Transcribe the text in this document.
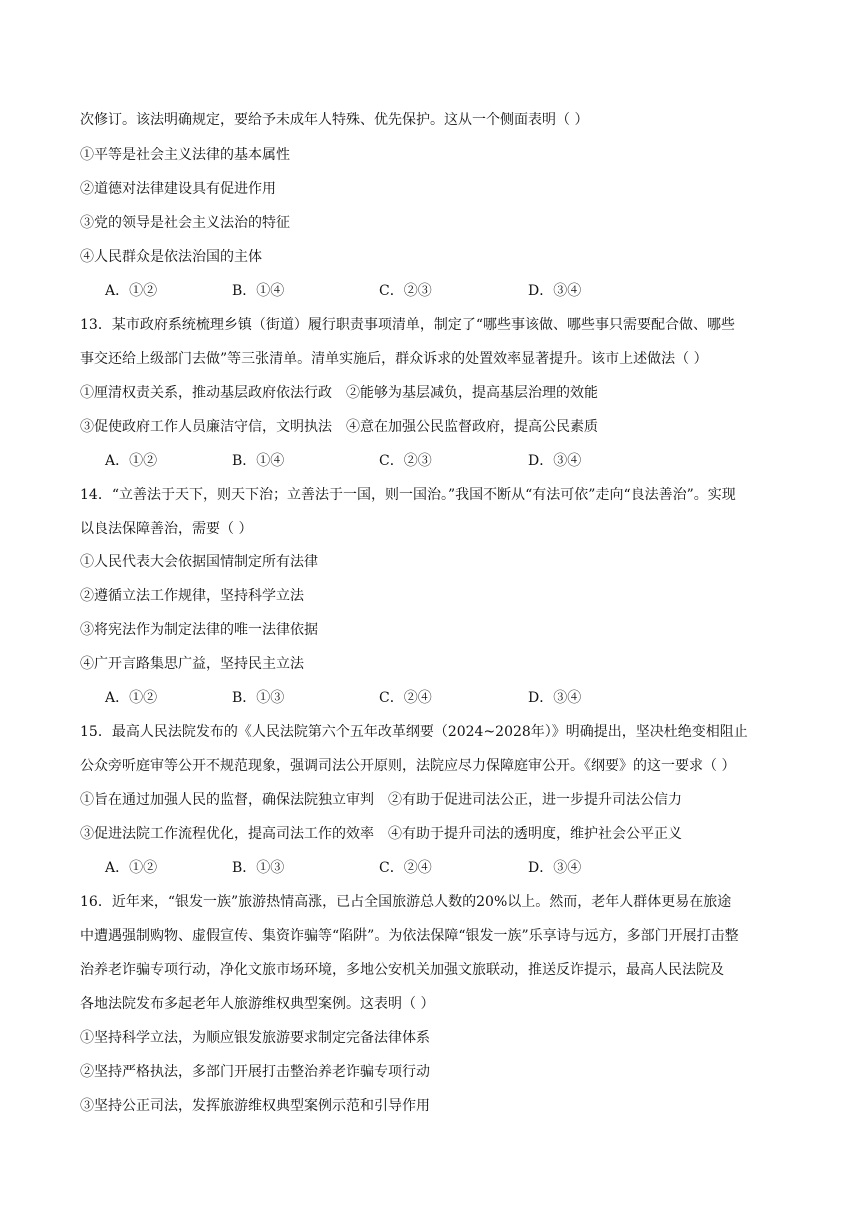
次修订。该法明确规定，要给予未成年人特殊、优先保护。这从一个侧面表明（ ）
①平等是社会主义法律的基本属性
②道德对法律建设具有促进作用
③党的领导是社会主义法治的特征
④人民群众是依法治国的主体
A．①②	B．①④	C．②③	D．③④
13．某市政府系统梳理乡镇（街道）履行职责事项清单，制定了“哪些事该做、哪些事只需要配合做、哪些
事交还给上级部门去做”等三张清单。清单实施后，群众诉求的处置效率显著提升。该市上述做法（ ）
①厘清权责关系，推动基层政府依法行政　②能够为基层减负，提高基层治理的效能
③促使政府工作人员廉洁守信，文明执法　④意在加强公民监督政府，提高公民素质
A．①②	B．①④	C．②③	D．③④
14．“立善法于天下，则天下治；立善法于一国，则一国治。”我国不断从“有法可依”走向“良法善治”。实现
以良法保障善治，需要（ ）
①人民代表大会依据国情制定所有法律
②遵循立法工作规律，坚持科学立法
③将宪法作为制定法律的唯一法律依据
④广开言路集思广益，坚持民主立法
A．①②	B．①③	C．②④	D．③④
15．最高人民法院发布的《人民法院第六个五年改革纲要（2024~2028年）》明确提出，坚决杜绝变相阻止
公众旁听庭审等公开不规范现象，强调司法公开原则，法院应尽力保障庭审公开。《纲要》的这一要求（ ）
①旨在通过加强人民的监督，确保法院独立审判　②有助于促进司法公正，进一步提升司法公信力
③促进法院工作流程优化，提高司法工作的效率　④有助于提升司法的透明度，维护社会公平正义
A．①②	B．①③	C．②④	D．③④
16．近年来，“银发一族”旅游热情高涨，已占全国旅游总人数的20%以上。然而，老年人群体更易在旅途
中遭遇强制购物、虚假宣传、集资诈骗等“陷阱”。为依法保障“银发一族”乐享诗与远方，多部门开展打击整
治养老诈骗专项行动，净化文旅市场环境，多地公安机关加强文旅联动，推送反诈提示，最高人民法院及
各地法院发布多起老年人旅游维权典型案例。这表明（ ）
①坚持科学立法，为顺应银发旅游要求制定完备法律体系
②坚持严格执法，多部门开展打击整治养老诈骗专项行动
③坚持公正司法，发挥旅游维权典型案例示范和引导作用
